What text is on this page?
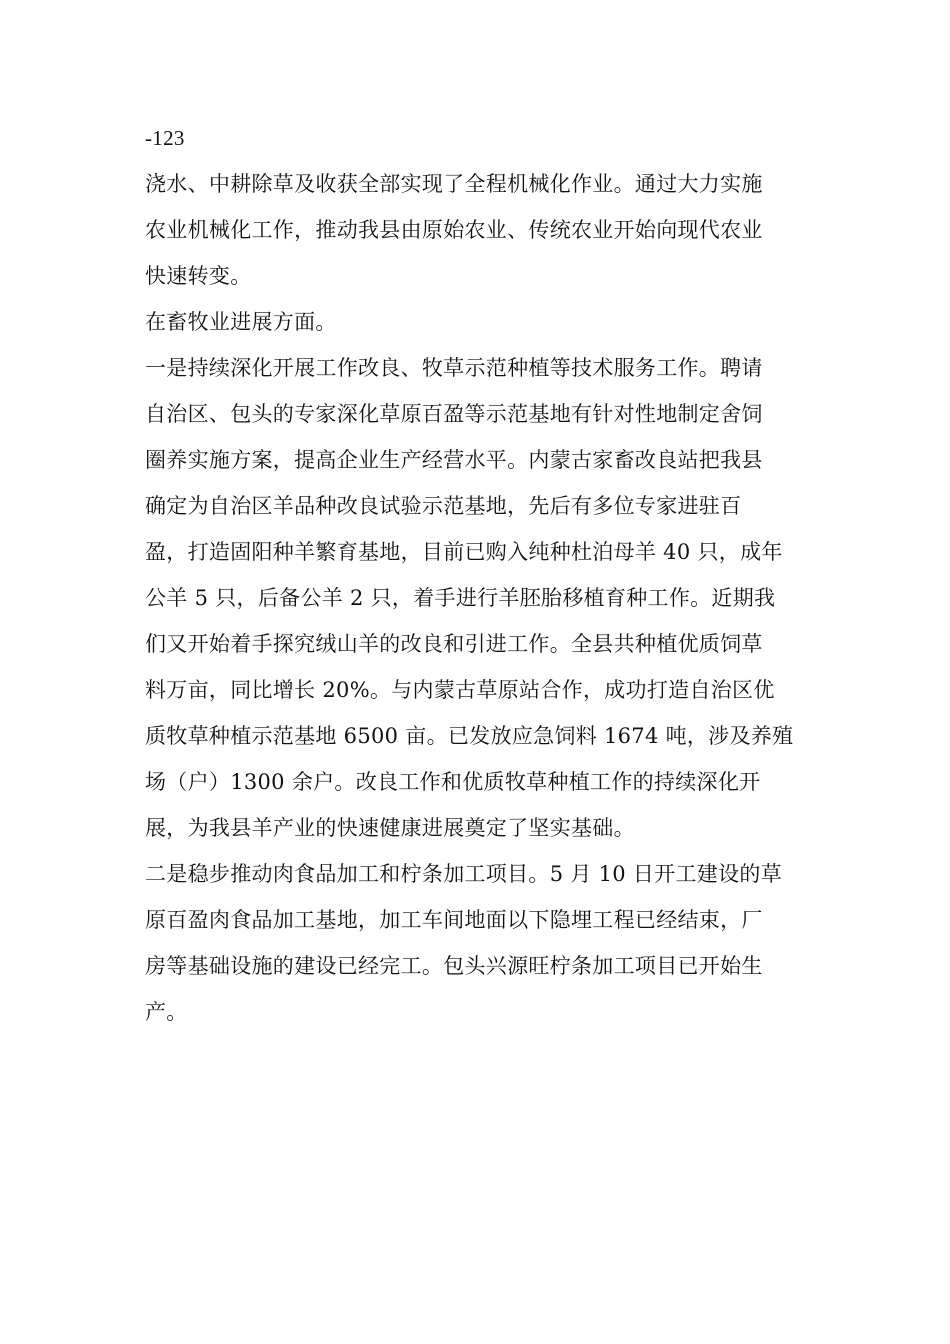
-123
浇水、中耕除草及收获全部实现了全程机械化作业。通过大力实施
农业机械化工作，推动我县由原始农业、传统农业开始向现代农业
快速转变。
在畜牧业进展方面。
一是持续深化开展工作改良、牧草示范种植等技术服务工作。聘请
自治区、包头的专家深化草原百盈等示范基地有针对性地制定舍饲
圈养实施方案，提高企业生产经营水平。内蒙古家畜改良站把我县
确定为自治区羊品种改良试验示范基地，先后有多位专家进驻百
盈，打造固阳种羊繁育基地，目前已购入纯种杜泊母羊 40 只，成年
公羊 5 只，后备公羊 2 只，着手进行羊胚胎移植育种工作。近期我
们又开始着手探究绒山羊的改良和引进工作。全县共种植优质饲草
料万亩，同比增长 20%。与内蒙古草原站合作，成功打造自治区优
质牧草种植示范基地 6500 亩。已发放应急饲料 1674 吨，涉及养殖
场（户）1300 余户。改良工作和优质牧草种植工作的持续深化开
展，为我县羊产业的快速健康进展奠定了坚实基础。
二是稳步推动肉食品加工和柠条加工项目。5 月 10 日开工建设的草
原百盈肉食品加工基地，加工车间地面以下隐埋工程已经结束，厂
房等基础设施的建设已经完工。包头兴源旺柠条加工项目已开始生
产。
